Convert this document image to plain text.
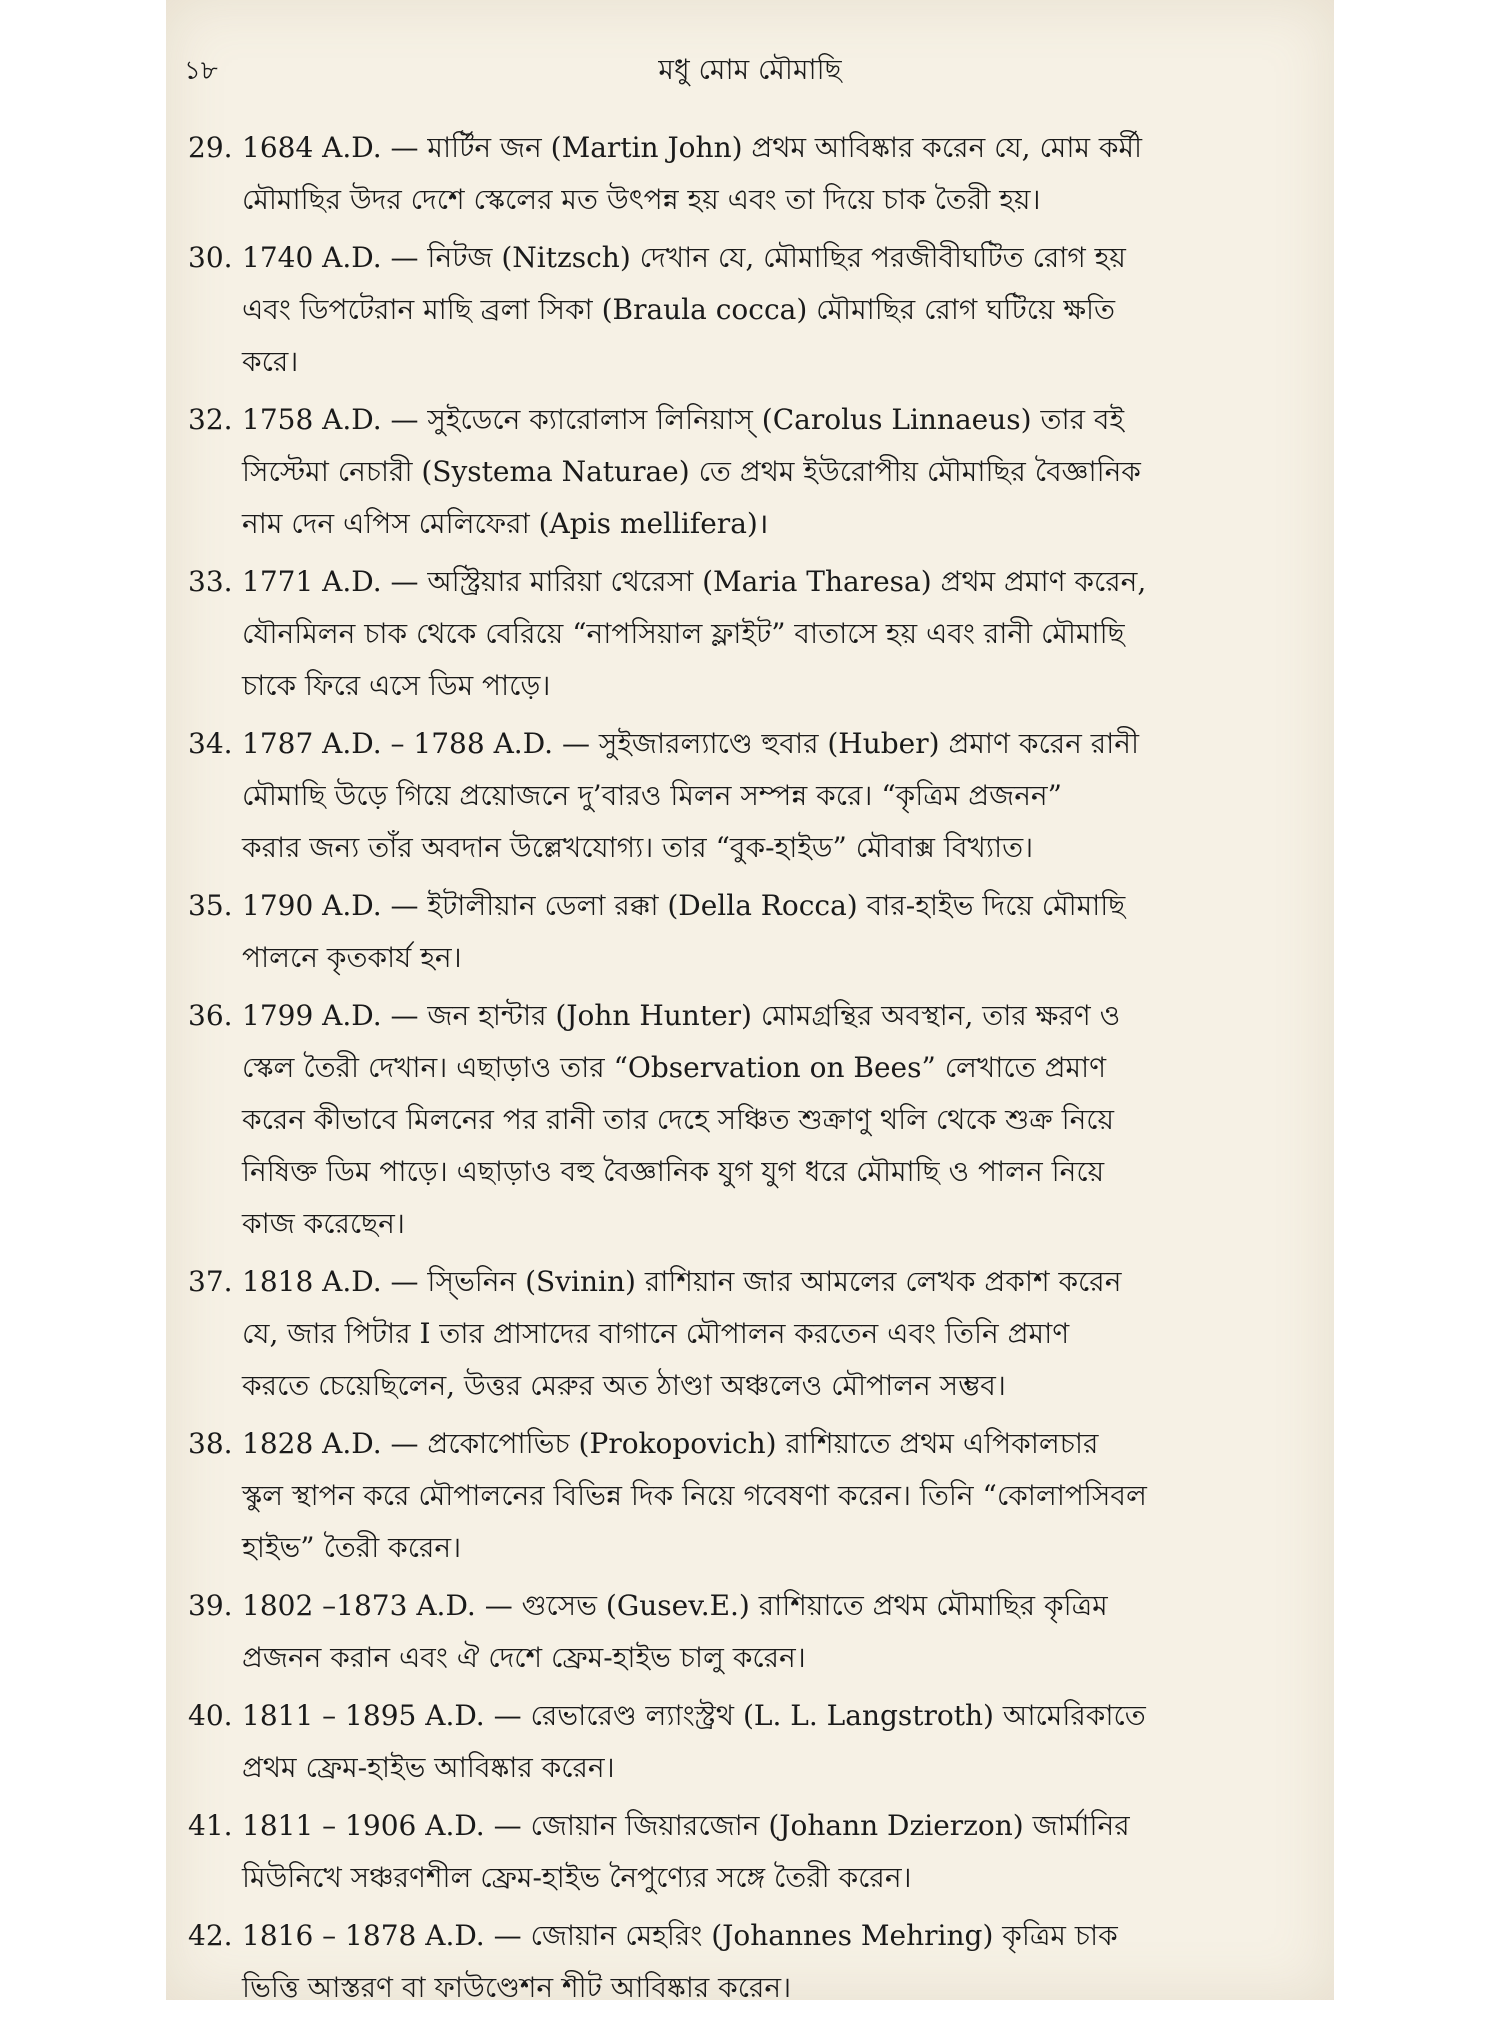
১৮	মধু মোম মৌমাছি
29. 1684 A.D. — মার্টিন জন (Martin John) প্রথম আবিষ্কার করেন যে, মোম কর্মী
মৌমাছির উদর দেশে স্কেলের মত উৎপন্ন হয় এবং তা দিয়ে চাক তৈরী হয়।
30. 1740 A.D. — নিটজ (Nitzsch) দেখান যে, মৌমাছির পরজীবীঘটিত রোগ হয়
এবং ডিপটেরান মাছি ব্রলা সিকা (Braula cocca) মৌমাছির রোগ ঘটিয়ে ক্ষতি
করে।
32. 1758 A.D. — সুইডেনে ক্যারোলাস লিনিয়াস্ (Carolus Linnaeus) তার বই
সিস্টেমা নেচারী (Systema Naturae) তে প্রথম ইউরোপীয় মৌমাছির বৈজ্ঞানিক
নাম দেন এপিস মেলিফেরা (Apis mellifera)।
33. 1771 A.D. — অস্ট্রিয়ার মারিয়া থেরেসা (Maria Tharesa) প্রথম প্রমাণ করেন,
যৌনমিলন চাক থেকে বেরিয়ে “নাপসিয়াল ফ্লাইট” বাতাসে হয় এবং রানী মৌমাছি
চাকে ফিরে এসে ডিম পাড়ে।
34. 1787 A.D. – 1788 A.D. — সুইজারল্যাণ্ডে হুবার (Huber) প্রমাণ করেন রানী
মৌমাছি উড়ে গিয়ে প্রয়োজনে দু’বারও মিলন সম্পন্ন করে। “কৃত্রিম প্রজনন”
করার জন্য তাঁর অবদান উল্লেখযোগ্য। তার “বুক-হাইড” মৌবাক্স বিখ্যাত।
35. 1790 A.D. — ইটালীয়ান ডেলা রক্কা (Della Rocca) বার-হাইভ দিয়ে মৌমাছি
পালনে কৃতকার্য হন।
36. 1799 A.D. — জন হান্টার (John Hunter) মোমগ্রন্থির অবস্থান, তার ক্ষরণ ও
স্কেল তৈরী দেখান। এছাড়াও তার “Observation on Bees” লেখাতে প্রমাণ
করেন কীভাবে মিলনের পর রানী তার দেহে সঞ্চিত শুক্রাণু থলি থেকে শুক্র নিয়ে
নিষিক্ত ডিম পাড়ে। এছাড়াও বহু বৈজ্ঞানিক যুগ যুগ ধরে মৌমাছি ও পালন নিয়ে
কাজ করেছেন।
37. 1818 A.D. — স্ভিনিন (Svinin) রাশিয়ান জার আমলের লেখক প্রকাশ করেন
যে, জার পিটার I তার প্রাসাদের বাগানে মৌপালন করতেন এবং তিনি প্রমাণ
করতে চেয়েছিলেন, উত্তর মেরুর অত ঠাণ্ডা অঞ্চলেও মৌপালন সম্ভব।
38. 1828 A.D. — প্রকোপোভিচ (Prokopovich) রাশিয়াতে প্রথম এপিকালচার
স্কুল স্থাপন করে মৌপালনের বিভিন্ন দিক নিয়ে গবেষণা করেন। তিনি “কোলাপসিবল
হাইভ” তৈরী করেন।
39. 1802 –1873 A.D. — গুসেভ (Gusev.E.) রাশিয়াতে প্রথম মৌমাছির কৃত্রিম
প্রজনন করান এবং ঐ দেশে ফ্রেম-হাইভ চালু করেন।
40. 1811 – 1895 A.D. — রেভারেণ্ড ল্যাংস্ট্রথ (L. L. Langstroth) আমেরিকাতে
প্রথম ফ্রেম-হাইভ আবিষ্কার করেন।
41. 1811 – 1906 A.D. — জোয়ান জিয়ারজোন (Johann Dzierzon) জার্মানির
মিউনিখে সঞ্চরণশীল ফ্রেম-হাইভ নৈপুণ্যের সঙ্গে তৈরী করেন।
42. 1816 – 1878 A.D. — জোয়ান মেহরিং (Johannes Mehring) কৃত্রিম চাক
ভিত্তি আস্তরণ বা ফাউণ্ডেশন শীট আবিষ্কার করেন।
